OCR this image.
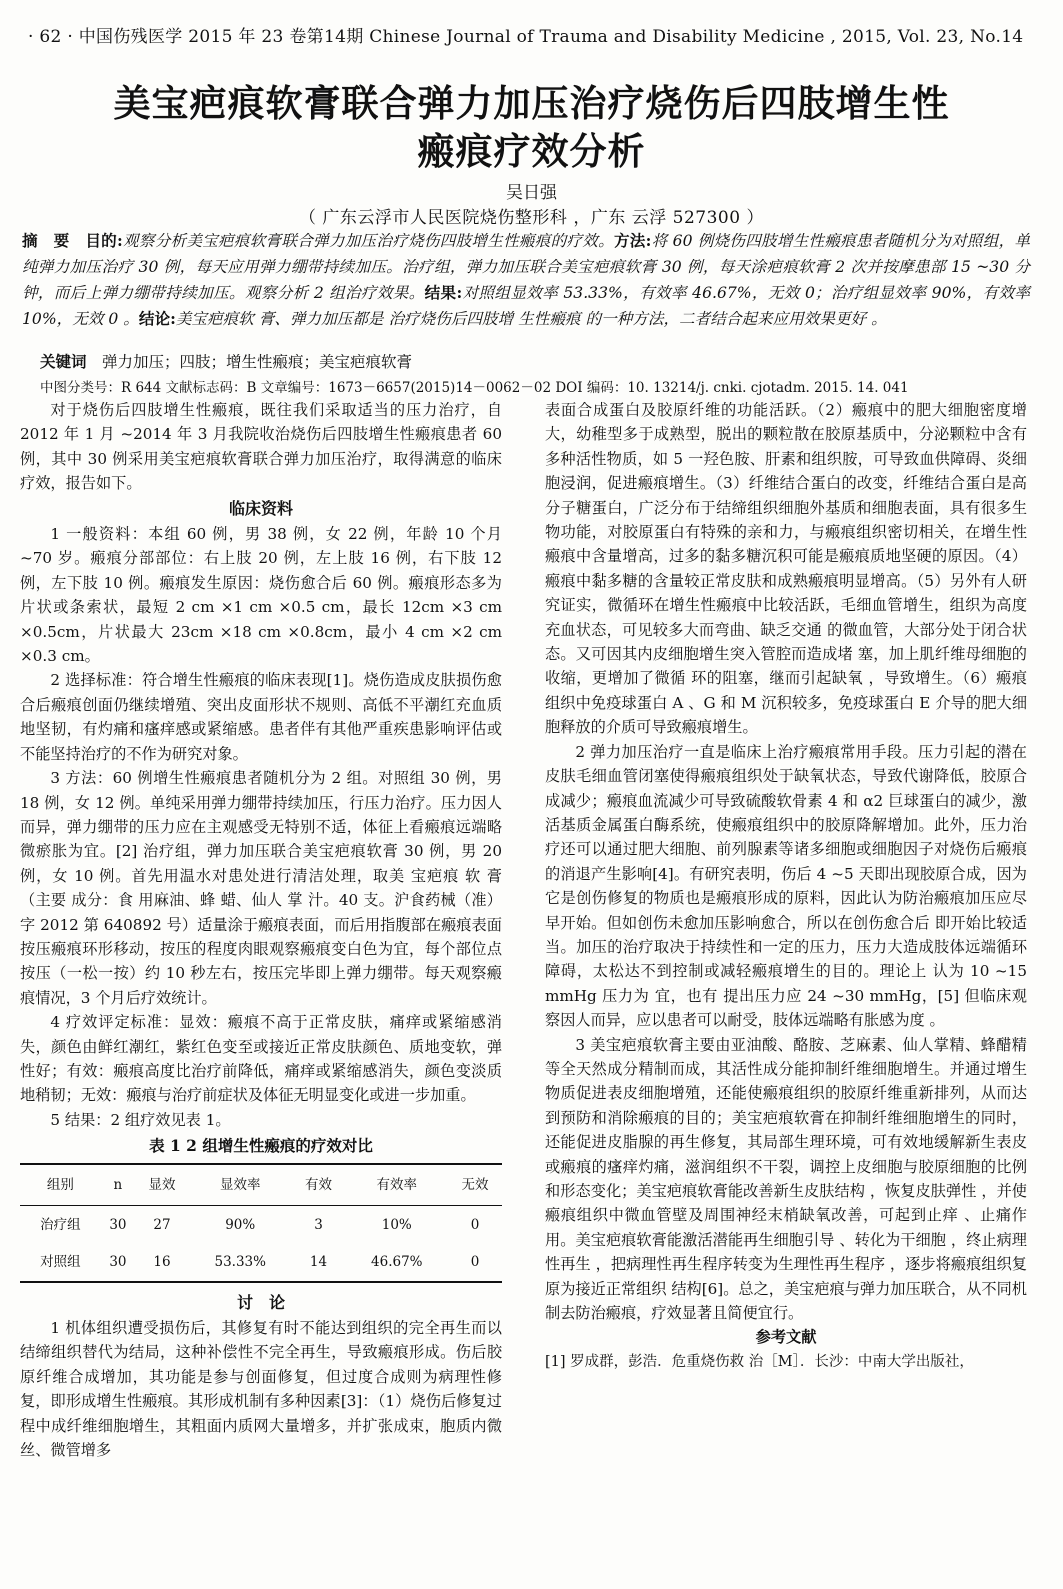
· 62 · 中国伤残医学 2015 年 23 卷第14期 Chinese Journal of Trauma and Disability Medicine , 2015, Vol. 23, No.14
美宝疤痕软膏联合弹力加压治疗烧伤后四肢增生性
瘢痕疗效分析
吴日强
（ 广东云浮市人民医院烧伤整形科 ，广东 云浮 527300 ）
摘　要　目的:观察分析美宝疤痕软膏联合弹力加压治疗烧伤四肢增生性瘢痕的疗效。方法:将 60 例烧伤四肢增生性瘢痕患者随机分为对照组，单纯弹力加压治疗 30 例，每天应用弹力绷带持续加压。治疗组，弹力加压联合美宝疤痕软膏 30 例，每天涂疤痕软膏 2 次并按摩患部 15 ~30 分钟，而后上弹力绷带持续加压。观察分析 2 组治疗效果。结果:对照组显效率 53.33%，有效率 46.67%，无效 0；治疗组显效率 90%，有效率 10%，无效 0 。结论:美宝疤痕软 膏、弹力加压都是 治疗烧伤后四肢增 生性瘢痕 的一种方法，二者结合起来应用效果更好 。
关键词　 弹力加压；四肢；增生性瘢痕；美宝疤痕软膏
中图分类号：R 644 文献标志码：B 文章编号：1673－6657(2015)14－0062－02 DOI 编码：10. 13214/j. cnki. cjotadm. 2015. 14. 041

对于烧伤后四肢增生性瘢痕，既往我们采取适当的压力治疗，自 2012 年 1 月 ~2014 年 3 月我院收治烧伤后四肢增生性瘢痕患者 60 例，其中 30 例采用美宝疤痕软膏联合弹力加压治疗，取得满意的临床疗效，报告如下。

临床资料

1 一般资料：本组 60 例，男 38 例，女 22 例，年龄 10 个月 ~70 岁。瘢痕分部部位：右上肢 20 例，左上肢 16 例，右下肢 12 例，左下肢 10 例。瘢痕发生原因：烧伤愈合后 60 例。瘢痕形态多为片状或条索状，最短 2 cm ×1 cm ×0.5 cm，最长 12cm ×3 cm ×0.5cm，片状最大 23cm ×18 cm ×0.8cm，最小 4 cm ×2 cm ×0.3 cm。

2 选择标准：符合增生性瘢痕的临床表现[1]。烧伤造成皮肤损伤愈合后瘢痕创面仍继续增殖、突出皮面形状不规则、高低不平潮红充血质地坚韧，有灼痛和瘙痒感或紧缩感。患者伴有其他严重疾患影响评估或不能坚持治疗的不作为研究对象。

3 方法：60 例增生性瘢痕患者随机分为 2 组。对照组 30 例，男 18 例，女 12 例。单纯采用弹力绷带持续加压，行压力治疗。压力因人而异，弹力绷带的压力应在主观感受无特别不适，体征上看瘢痕远端略微瘀胀为宜。[2] 治疗组，弹力加压联合美宝疤痕软膏 30 例，男 20 例，女 10 例。首先用温水对患处进行清洁处理，取美 宝疤痕 软 膏（主要 成分：食 用麻油、蜂 蜡、仙人 掌 汁。40 支。沪食药械（准）字 2012 第 640892 号）适量涂于瘢痕表面，而后用指腹部在瘢痕表面按压瘢痕环形移动，按压的程度肉眼观察瘢痕变白色为宜，每个部位点按压（一松一按）约 10 秒左右，按压完毕即上弹力绷带。每天观察瘢痕情况，3 个月后疗效统计。

4 疗效评定标准：显效：瘢痕不高于正常皮肤，痛痒或紧缩感消失，颜色由鲜红潮红，紫红色变至或接近正常皮肤颜色、质地变软，弹性好；有效：瘢痕高度比治疗前降低，痛痒或紧缩感消失，颜色变淡质地稍韧；无效：瘢痕与治疗前症状及体征无明显变化或进一步加重。

5 结果：2 组疗效见表 1。

表 1 2 组增生性瘢痕的疗效对比

组别	n	显效	显效率	有效	有效率	无效
治疗组	30	27	90%	3	10%	0
对照组	30	16	53.33%	14	46.67%	0

讨　论

1 机体组织遭受损伤后，其修复有时不能达到组织的完全再生而以结缔组织替代为结局，这种补偿性不完全再生，导致瘢痕形成。伤后胶原纤维合成增加，其功能是参与创面修复，但过度合成则为病理性修复，即形成增生性瘢痕。其形成机制有多种因素[3]：（1）烧伤后修复过程中成纤维细胞增生，其粗面内质网大量增多，并扩张成束，胞质内微丝、微管增多

表面合成蛋白及胶原纤维的功能活跃。（2）瘢痕中的肥大细胞密度增大，幼稚型多于成熟型，脱出的颗粒散在胶原基质中，分泌颗粒中含有多种活性物质，如 5 一羟色胺、肝素和组织胺，可导致血供障碍、炎细胞浸润，促进瘢痕增生。（3）纤维结合蛋白的改变，纤维结合蛋白是高分子糖蛋白，广泛分布于结缔组织细胞外基质和细胞表面，具有很多生物功能，对胶原蛋白有特殊的亲和力，与瘢痕组织密切相关，在增生性瘢痕中含量增高，过多的黏多糖沉积可能是瘢痕质地坚硬的原因。（4）瘢痕中黏多糖的含量较正常皮肤和成熟瘢痕明显增高。（5）另外有人研究证实，微循环在增生性瘢痕中比较活跃，毛细血管增生，组织为高度充血状态，可见较多大而弯曲、缺乏交通 的微血管，大部分处于闭合状态。又可因其内皮细胞增生突入管腔而造成堵 塞，加上肌纤维母细胞的收缩，更增加了微循 环的阻塞，继而引起缺氧 ，导致增生。（6）瘢痕组织中免疫球蛋白 A 、G 和 M 沉积较多，免疫球蛋白 E 介导的肥大细胞释放的介质可导致瘢痕增生。

2 弹力加压治疗一直是临床上治疗瘢痕常用手段。压力引起的潜在皮肤毛细血管闭塞使得瘢痕组织处于缺氧状态，导致代谢降低，胶原合成减少；瘢痕血流减少可导致硫酸软骨素 4 和 α2 巨球蛋白的减少，激活基质金属蛋白酶系统，使瘢痕组织中的胶原降解增加。此外，压力治疗还可以通过肥大细胞、前列腺素等诸多细胞或细胞因子对烧伤后瘢痕的消退产生影响[4]。有研究表明，伤后 4 ~5 天即出现胶原合成，因为它是创伤修复的物质也是瘢痕形成的原料，因此认为防治瘢痕加压应尽早开始。但如创伤未愈加压影响愈合，所以在创伤愈合后 即开始比较适当。加压的治疗取决于持续性和一定的压力，压力大造成肢体远端循环障碍，太松达不到控制或减轻瘢痕增生的目的。理论上 认为 10 ~15 mmHg 压力为 宜，也有 提出压力应 24 ~30 mmHg，[5] 但临床观察因人而异，应以患者可以耐受，肢体远端略有胀感为度 。

3 美宝疤痕软膏主要由亚油酸、酪胺、芝麻素、仙人掌精、蜂醋精等全天然成分精制而成，其活性成分能抑制纤维细胞增生。并通过增生物质促进表皮细胞增殖，还能使瘢痕组织的胶原纤维重新排列，从而达到预防和消除瘢痕的目的；美宝疤痕软膏在抑制纤维细胞增生的同时，还能促进皮脂腺的再生修复，其局部生理环境，可有效地缓解新生表皮或瘢痕的瘙痒灼痛，滋润组织不干裂，调控上皮细胞与胶原细胞的比例和形态变化；美宝疤痕软膏能改善新生皮肤结构 ，恢复皮肤弹性 ，并使瘢痕组织中微血管壁及周围神经末梢缺氧改善，可起到止痒 、止痛作用。美宝疤痕软膏能激活潜能再生细胞引导 、转化为干细胞 ，终止病理性再生 ，把病理性再生程序转变为生理性再生程序 ，逐步将瘢痕组织复原为接近正常组织 结构[6]。总之，美宝疤痕与弹力加压联合，从不同机制去防治瘢痕，疗效显著且简便宜行。

参考文献

[1] 罗成群，彭浩．危重烧伤救 治［M］．长沙：中南大学出版社，
